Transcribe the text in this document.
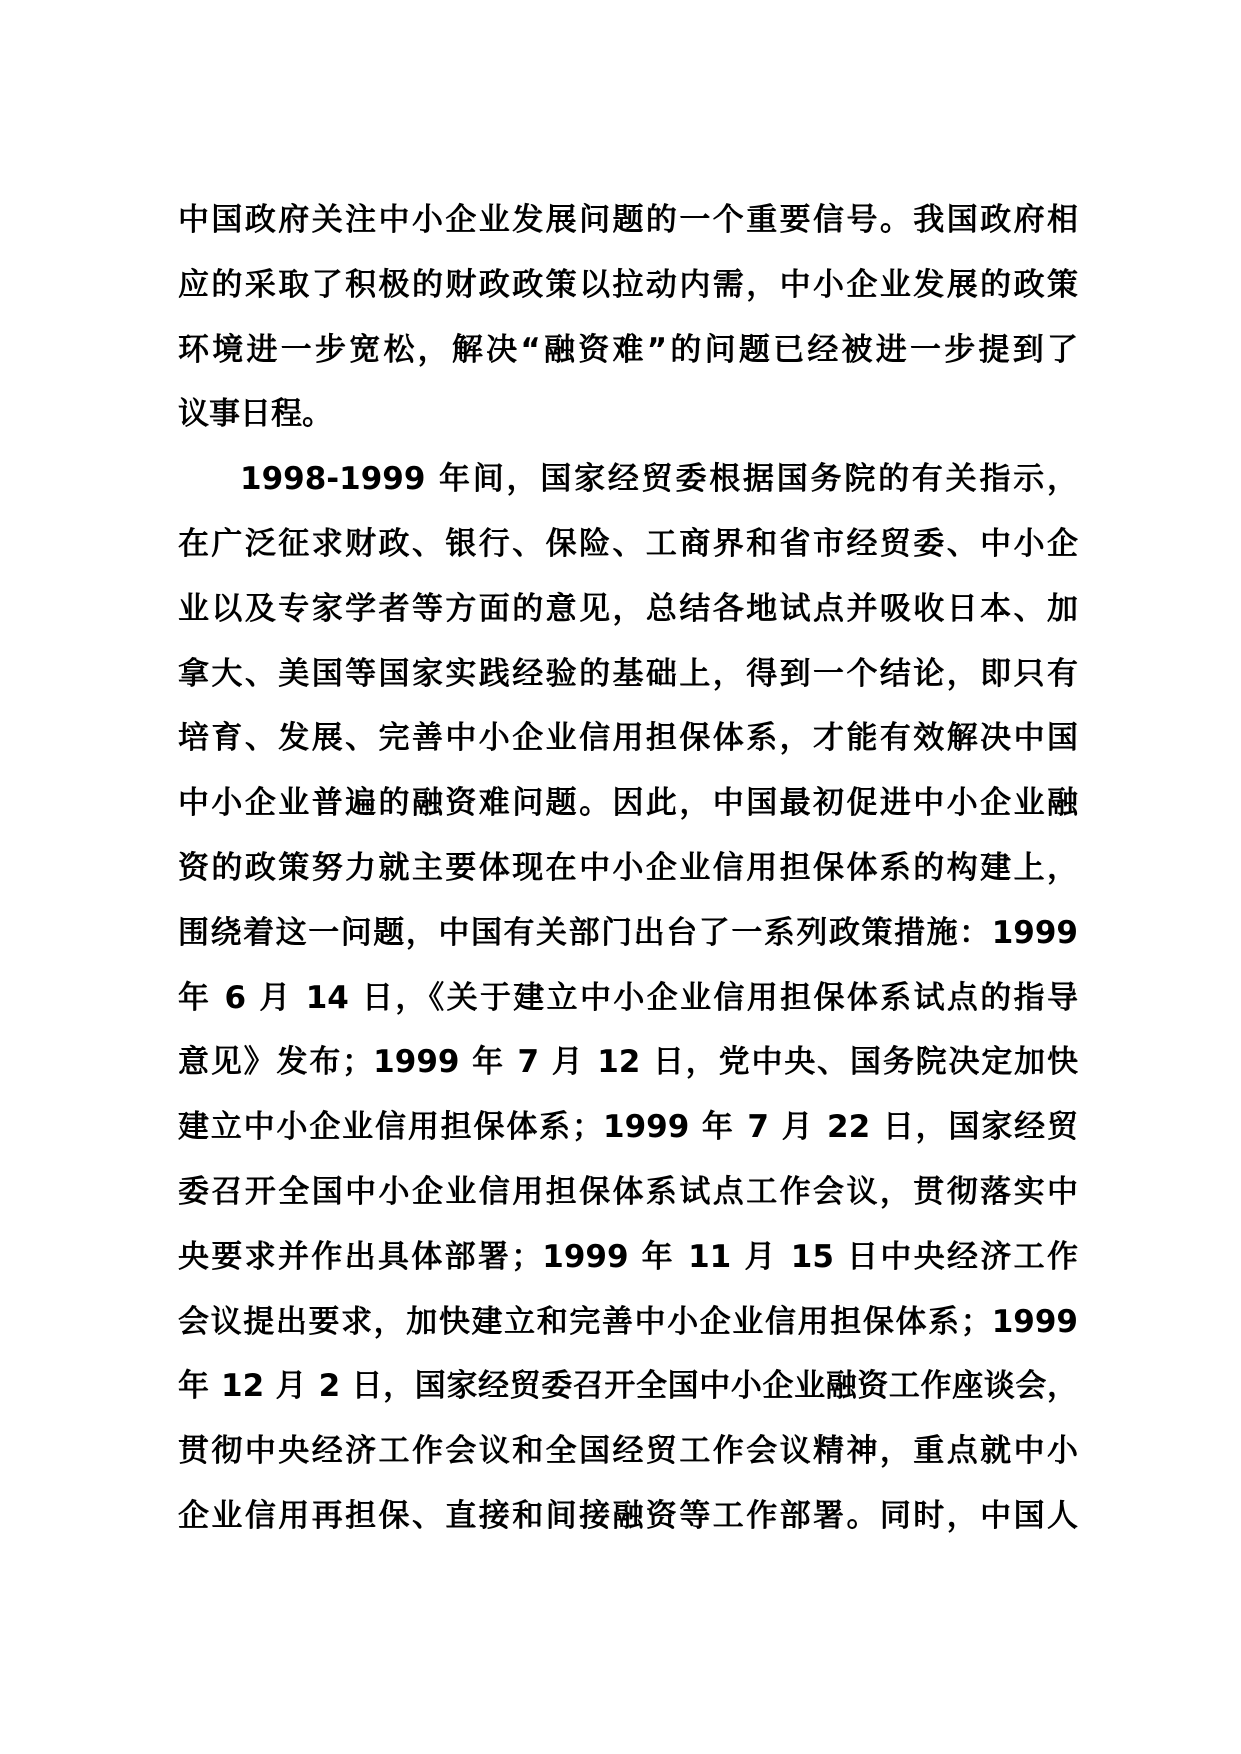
中国政府关注中小企业发展问题的一个重要信号。我国政府相
应的采取了积极的财政政策以拉动内需，中小企业发展的政策
环境进一步宽松，解决“融资难”的问题已经被进一步提到了
议事日程。
1998-1999 年间，国家经贸委根据国务院的有关指示，
在广泛征求财政、银行、保险、工商界和省市经贸委、中小企
业以及专家学者等方面的意见，总结各地试点并吸收日本、加
拿大、美国等国家实践经验的基础上，得到一个结论，即只有
培育、发展、完善中小企业信用担保体系，才能有效解决中国
中小企业普遍的融资难问题。因此，中国最初促进中小企业融
资的政策努力就主要体现在中小企业信用担保体系的构建上，
围绕着这一问题，中国有关部门出台了一系列政策措施：1999
年 6 月 14 日，《关于建立中小企业信用担保体系试点的指导
意见》发布；1999 年 7 月 12 日，党中央、国务院决定加快
建立中小企业信用担保体系；1999 年 7 月 22 日，国家经贸
委召开全国中小企业信用担保体系试点工作会议，贯彻落实中
央要求并作出具体部署；1999 年 11 月 15 日中央经济工作
会议提出要求，加快建立和完善中小企业信用担保体系；1999
年 12 月 2 日，国家经贸委召开全国中小企业融资工作座谈会，
贯彻中央经济工作会议和全国经贸工作会议精神，重点就中小
企业信用再担保、直接和间接融资等工作部署。同时，中国人
